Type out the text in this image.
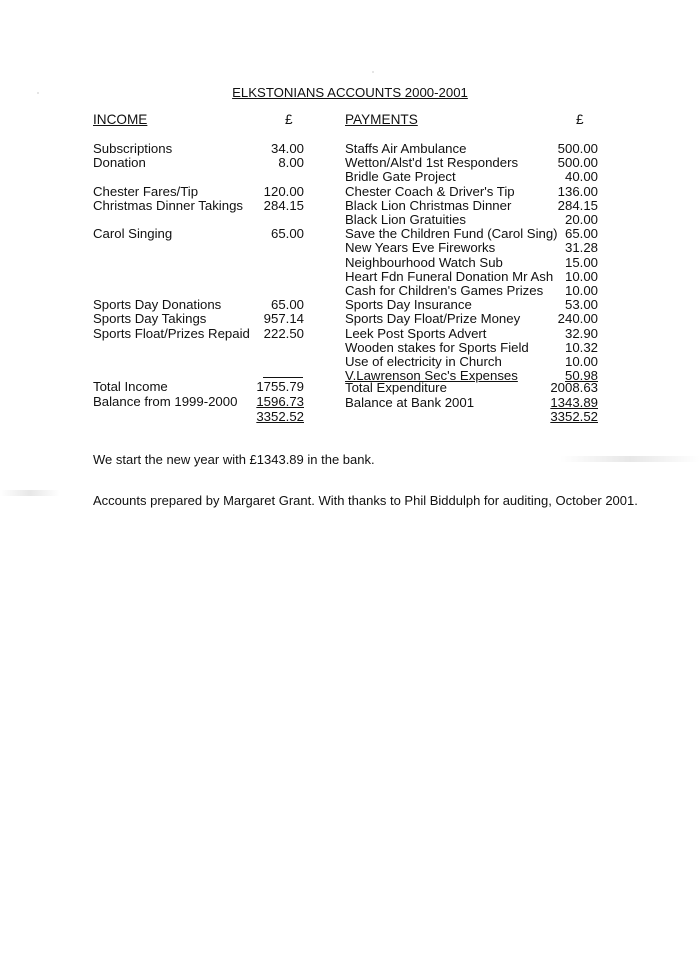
ELKSTONIANS ACCOUNTS 2000-2001
INCOME	£	PAYMENTS	£
Subscriptions	34.00
Donation	8.00
Chester Fares/Tip	120.00
Christmas Dinner Takings	284.15
Carol Singing	65.00
Sports Day Donations	65.00
Sports Day Takings	957.14
Sports Float/Prizes Repaid	222.50
Staffs Air Ambulance	500.00
Wetton/Alst'd 1st Responders	500.00
Bridle Gate Project	40.00
Chester Coach & Driver's Tip	136.00
Black Lion Christmas Dinner	284.15
Black Lion Gratuities	20.00
Save the Children Fund (Carol Sing) 65.00
New Years Eve Fireworks	31.28
Neighbourhood Watch Sub	15.00
Heart Fdn Funeral Donation Mr Ash 10.00
Cash for Children's Games Prizes	10.00
Sports Day Insurance	53.00
Sports Day Float/Prize Money	240.00
Leek Post Sports Advert	32.90
Wooden stakes for Sports Field	10.32
Use of electricity in Church	10.00
V.Lawrenson Sec's Expenses	50.98
Total Income	1755.79
Balance from 1999-2000	1596.73
3352.52
Total Expenditure	2008.63
Balance at Bank 2001	1343.89
3352.52
We start the new year with £1343.89 in the bank.
Accounts prepared by Margaret Grant. With thanks to Phil Biddulph for auditing, October 2001.
